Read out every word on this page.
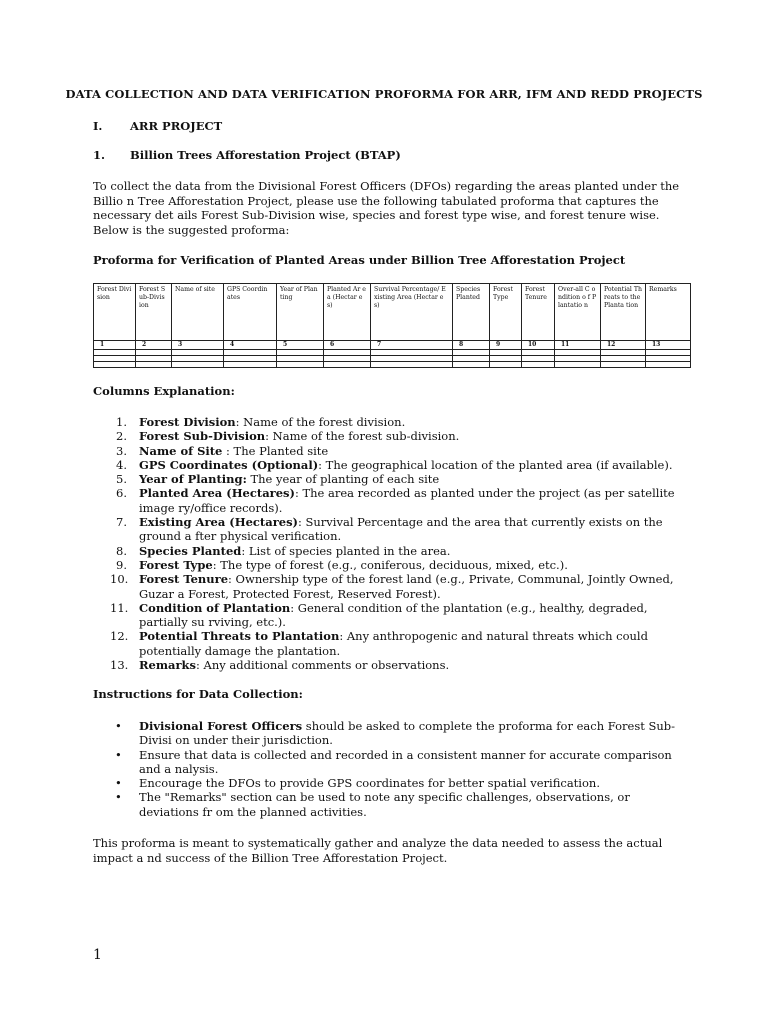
DATA COLLECTION AND DATA VERIFICATION PROFORMA FOR ARR, IFM AND REDD PROJECTS
I. ARR PROJECT
1. Billion Trees Afforestation Project (BTAP)
To collect the data from the Divisional Forest Officers (DFOs) regarding the areas planted under the Billio n Tree Afforestation Project, please use the following tabulated proforma that captures the necessary det ails Forest Sub-Division wise, species and forest type wise, and forest tenure wise. Below is the suggested proforma:
Proforma for Verification of Planted Areas under Billion Tree Afforestation Project
Forest Division	Forest S ub-Divis ion	Name of site	GPS Coordin ates	Year of Planting	Planted Ar ea (Hectar es)	Survival Percentage/ Existing Area (Hectar es)	Species Planted	Forest Type	Forest Tenure	Over-all C ondition o f Plantatio n	Potential Threats to the Planta tion	Remarks
1	2	3	4	5	6	7	8	9	10	11	12	13

Columns Explanation:
1. Forest Division: Name of the forest division.
2. Forest Sub-Division: Name of the forest sub-division.
3. Name of Site : The Planted site
4. GPS Coordinates (Optional): The geographical location of the planted area (if available).
5. Year of Planting: The year of planting of each site
6. Planted Area (Hectares): The area recorded as planted under the project (as per satellite image ry/office records).
7. Existing Area (Hectares): Survival Percentage and the area that currently exists on the ground a fter physical verification.
8. Species Planted: List of species planted in the area.
9. Forest Type: The type of forest (e.g., coniferous, deciduous, mixed, etc.).
10. Forest Tenure: Ownership type of the forest land (e.g., Private, Communal, Jointly Owned, Guzar a Forest, Protected Forest, Reserved Forest).
11. Condition of Plantation: General condition of the plantation (e.g., healthy, degraded, partially su rviving, etc.).
12. Potential Threats to Plantation: Any anthropogenic and natural threats which could potentially damage the plantation.
13. Remarks: Any additional comments or observations.
Instructions for Data Collection:
• Divisional Forest Officers should be asked to complete the proforma for each Forest Sub-Divisi on under their jurisdiction.
• Ensure that data is collected and recorded in a consistent manner for accurate comparison and a nalysis.
• Encourage the DFOs to provide GPS coordinates for better spatial verification.
• The "Remarks" section can be used to note any specific challenges, observations, or deviations fr om the planned activities.
This proforma is meant to systematically gather and analyze the data needed to assess the actual impact a nd success of the Billion Tree Afforestation Project.
1
